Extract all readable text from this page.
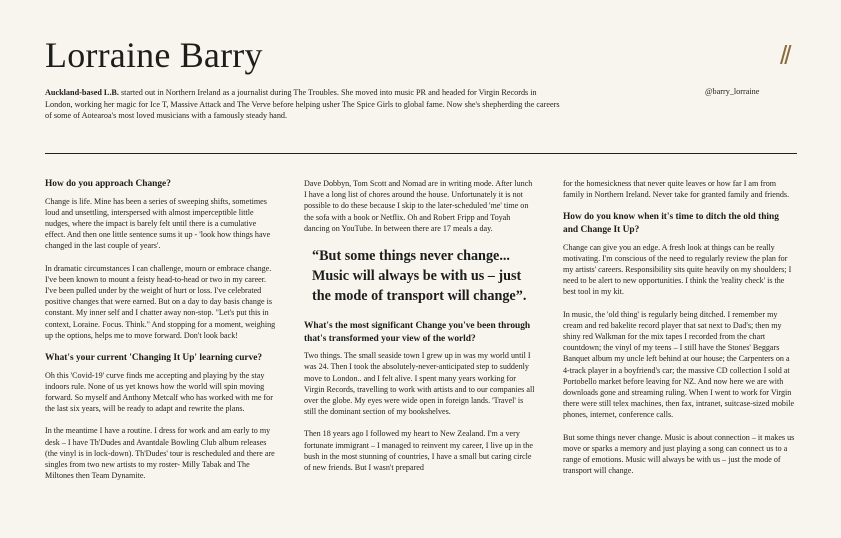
Lorraine Barry	//
Auckland-based L.B. started out in Northern Ireland as a journalist during The Troubles. She moved into music PR and headed for Virgin Records in London, working her magic for Ice T, Massive Attack and The Verve before helping usher The Spice Girls to global fame. Now she's shepherding the careers of some of Aotearoa's most loved musicians with a famously steady hand.
@barry_lorraine
How do you approach Change?

Change is life. Mine has been a series of sweeping shifts, sometimes loud and unsettling, interspersed with almost imperceptible little nudges, where the impact is barely felt until there is a cumulative effect. And then one little sentence sums it up - 'look how things have changed in the last couple of years'.

In dramatic circumstances I can challenge, mourn or embrace change. I've been known to mount a feisty head-to-head or two in my career. I've been pulled under by the weight of hurt or loss. I've celebrated positive changes that were earned. But on a day to day basis change is constant. My inner self and I chatter away non-stop. "Let's put this in context, Loraine. Focus. Think." And stopping for a moment, weighing up the options, helps me to move forward. Don't look back!

What's your current 'Changing It Up' learning curve?

Oh this 'Covid-19' curve finds me accepting and playing by the stay indoors rule. None of us yet knows how the world will spin moving forward. So myself and Anthony Metcalf who has worked with me for the last six years, will be ready to adapt and rewrite the plans.

In the meantime I have a routine. I dress for work and am early to my desk – I have Th'Dudes and Avantdale Bowling Club album releases (the vinyl is in lock-down). Th'Dudes' tour is rescheduled and there are singles from two new artists to my roster- Milly Tabak and The Miltones then Team Dynamite.

Dave Dobbyn, Tom Scott and Nomad are in writing mode. After lunch I have a long list of chores around the house. Unfortunately it is not possible to do these because I skip to the later-scheduled 'me' time on the sofa with a book or Netflix. Oh and Robert Fripp and Toyah dancing on YouTube. In between there are 17 meals a day.

“But some things never change... Music will always be with us – just the mode of transport will change”.
What's the most significant Change you've been through that's transformed your view of the world?

Two things. The small seaside town I grew up in was my world until I was 24. Then I took the absolutely-never-anticipated step to suddenly move to London.. and I felt alive. I spent many years working for Virgin Records, travelling to work with artists and to our companies all over the globe. My eyes were wide open in foreign lands. 'Travel' is still the dominant section of my bookshelves.

Then 18 years ago I followed my heart to New Zealand. I'm a very fortunate immigrant – I managed to reinvent my career, I live up in the bush in the most stunning of countries, I have a small but caring circle of new friends. But I wasn't prepared

for the homesickness that never quite leaves or how far I am from family in Northern Ireland. Never take for granted family and friends.

How do you know when it's time to ditch the old thing and Change It Up?

Change can give you an edge. A fresh look at things can be really motivating. I'm conscious of the need to regularly review the plan for my artists' careers. Responsibility sits quite heavily on my shoulders; I need to be alert to new opportunities. I think the 'reality check' is the best tool in my kit.

In music, the 'old thing' is regularly being ditched. I remember my cream and red bakelite record player that sat next to Dad's; then my shiny red Walkman for the mix tapes I recorded from the chart countdown; the vinyl of my teens – I still have the Stones' Beggars Banquet album my uncle left behind at our house; the Carpenters on a 4-track player in a boyfriend's car; the massive CD collection I sold at Portobello market before leaving for NZ. And now here we are with downloads gone and streaming ruling. When I went to work for Virgin there were still telex machines, then fax, intranet, suitcase-sized mobile phones, internet, conference calls.

But some things never change. Music is about connection – it makes us move or sparks a memory and just playing a song can connect us to a range of emotions. Music will always be with us – just the mode of transport will change.
